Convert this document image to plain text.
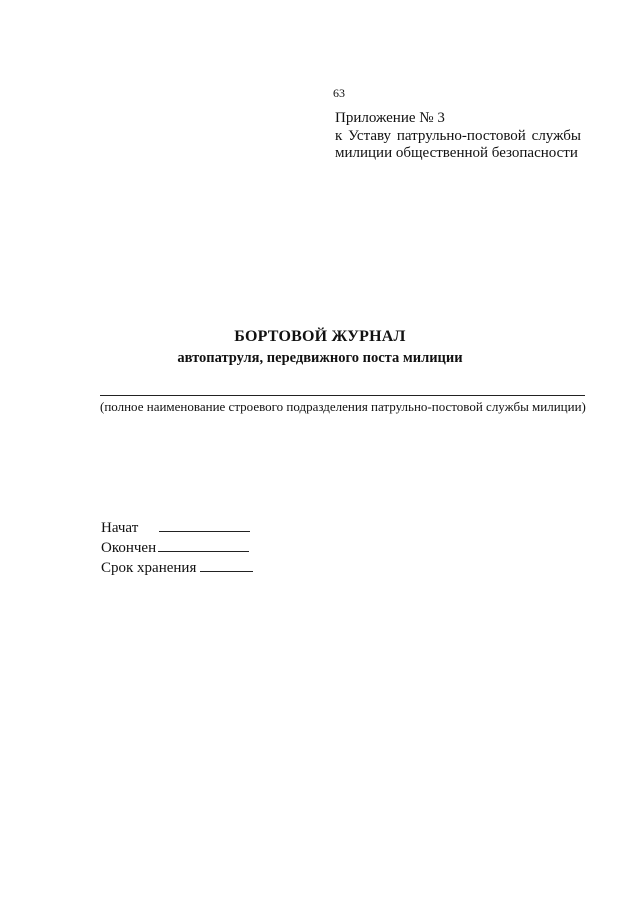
63
Приложение № 3
к Уставу патрульно-постовой службы милиции общественной безопасности
БОРТОВОЙ ЖУРНАЛ
автопатруля, передвижного поста милиции
(полное наименование строевого подразделения патрульно-постовой службы милиции)
Начат
Окончен
Срок хранения
